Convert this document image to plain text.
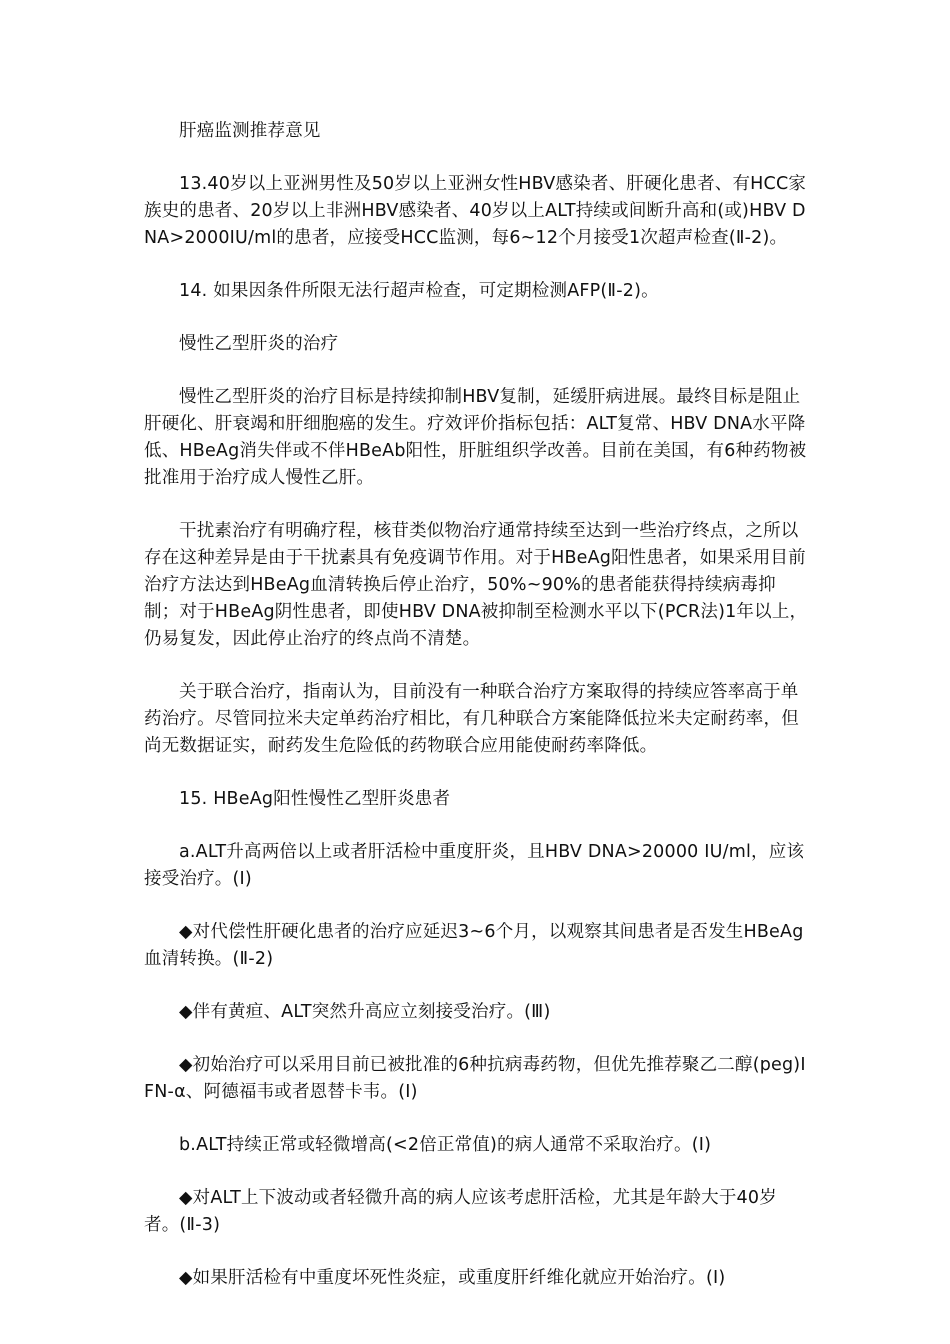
肝癌监测推荐意见

13.40岁以上亚洲男性及50岁以上亚洲女性HBV感染者、肝硬化患者、有HCC家族史的患者、20岁以上非洲HBV感染者、40岁以上ALT持续或间断升高和(或)HBV DNA>2000IU/ml的患者，应接受HCC监测，每6~12个月接受1次超声检查(Ⅱ-2)。

14. 如果因条件所限无法行超声检查，可定期检测AFP(Ⅱ-2)。

慢性乙型肝炎的治疗

慢性乙型肝炎的治疗目标是持续抑制HBV复制，延缓肝病进展。最终目标是阻止肝硬化、肝衰竭和肝细胞癌的发生。疗效评价指标包括：ALT复常、HBV DNA水平降低、HBeAg消失伴或不伴HBeAb阳性，肝脏组织学改善。目前在美国，有6种药物被批准用于治疗成人慢性乙肝。

干扰素治疗有明确疗程，核苷类似物治疗通常持续至达到一些治疗终点，之所以存在这种差异是由于干扰素具有免疫调节作用。对于HBeAg阳性患者，如果采用目前治疗方法达到HBeAg血清转换后停止治疗，50%~90%的患者能获得持续病毒抑制；对于HBeAg阴性患者，即使HBV DNA被抑制至检测水平以下(PCR法)1年以上，仍易复发，因此停止治疗的终点尚不清楚。

关于联合治疗，指南认为，目前没有一种联合治疗方案取得的持续应答率高于单药治疗。尽管同拉米夫定单药治疗相比，有几种联合方案能降低拉米夫定耐药率，但尚无数据证实，耐药发生危险低的药物联合应用能使耐药率降低。

15. HBeAg阳性慢性乙型肝炎患者

a.ALT升高两倍以上或者肝活检中重度肝炎，且HBV DNA>20000 IU/ml，应该接受治疗。(Ⅰ)

◆对代偿性肝硬化患者的治疗应延迟3~6个月，以观察其间患者是否发生HBeAg血清转换。(Ⅱ-2)

◆伴有黄疸、ALT突然升高应立刻接受治疗。(Ⅲ)

◆初始治疗可以采用目前已被批准的6种抗病毒药物，但优先推荐聚乙二醇(peg)IFN-α、阿德福韦或者恩替卡韦。(Ⅰ)

b.ALT持续正常或轻微增高(<2倍正常值)的病人通常不采取治疗。(Ⅰ)

◆对ALT上下波动或者轻微升高的病人应该考虑肝活检，尤其是年龄大于40岁者。(Ⅱ-3)

◆如果肝活检有中重度坏死性炎症，或重度肝纤维化就应开始治疗。(Ⅰ)
